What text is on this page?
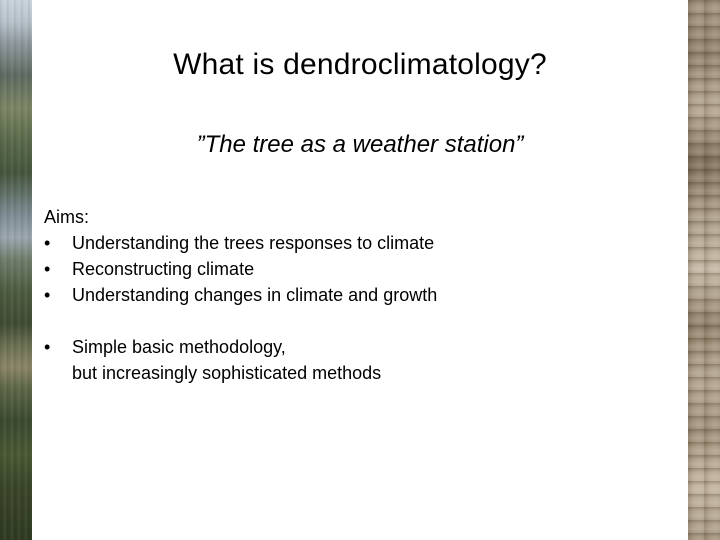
What is dendroclimatology?
”The tree as a weather station”
Aims:
•	Understanding the trees responses to climate
•	Reconstructing climate
•	Understanding changes in climate and growth
•	Simple basic methodology,
but increasingly sophisticated methods
